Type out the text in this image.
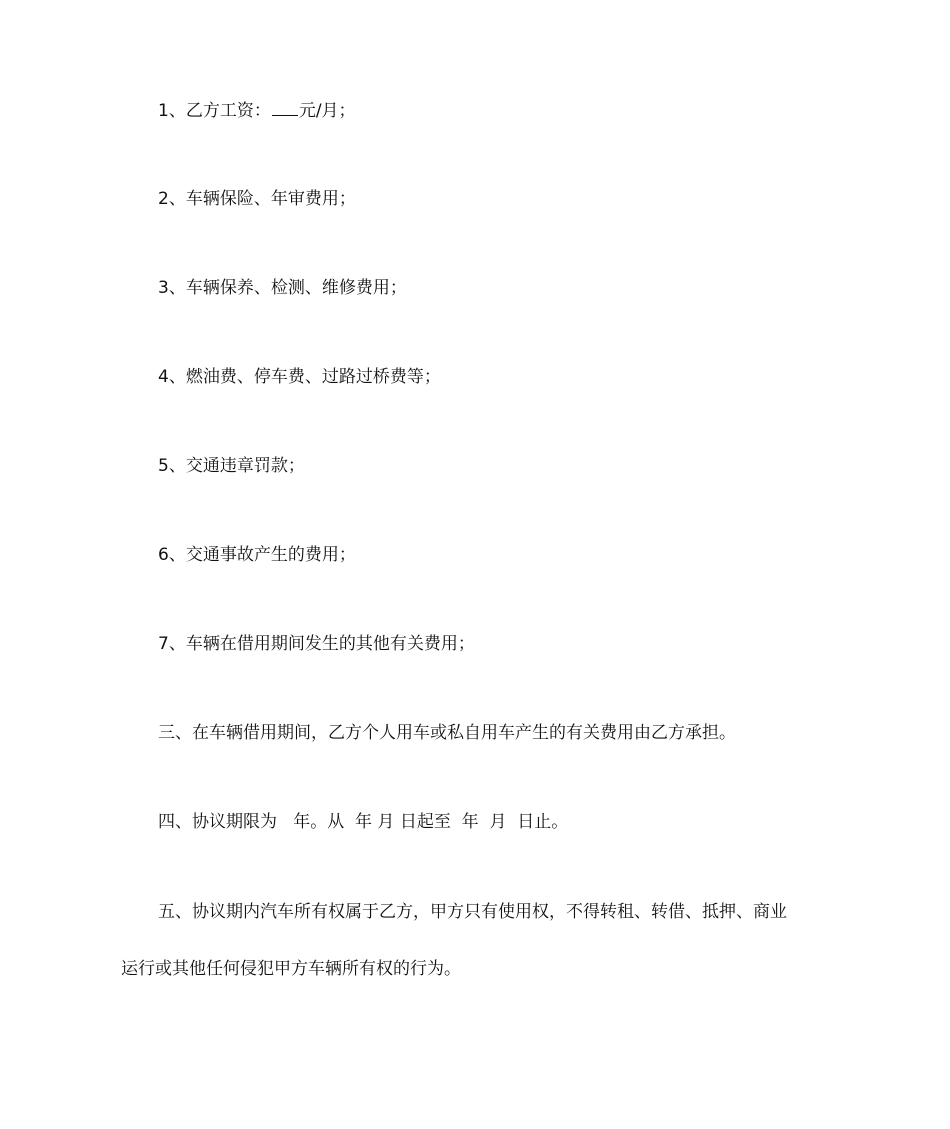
1、乙方工资： 元/月；
2、车辆保险、年审费用；
3、车辆保养、检测、维修费用；
4、燃油费、停车费、过路过桥费等；
5、交通违章罚款；
6、交通事故产生的费用；
7、车辆在借用期间发生的其他有关费用；
三、在车辆借用期间，乙方个人用车或私自用车产生的有关费用由乙方承担。
四、协议期限为   年。从  年 月 日起至  年  月  日止。
五、协议期内汽车所有权属于乙方，甲方只有使用权，不得转租、转借、抵押、商业
运行或其他任何侵犯甲方车辆所有权的行为。
